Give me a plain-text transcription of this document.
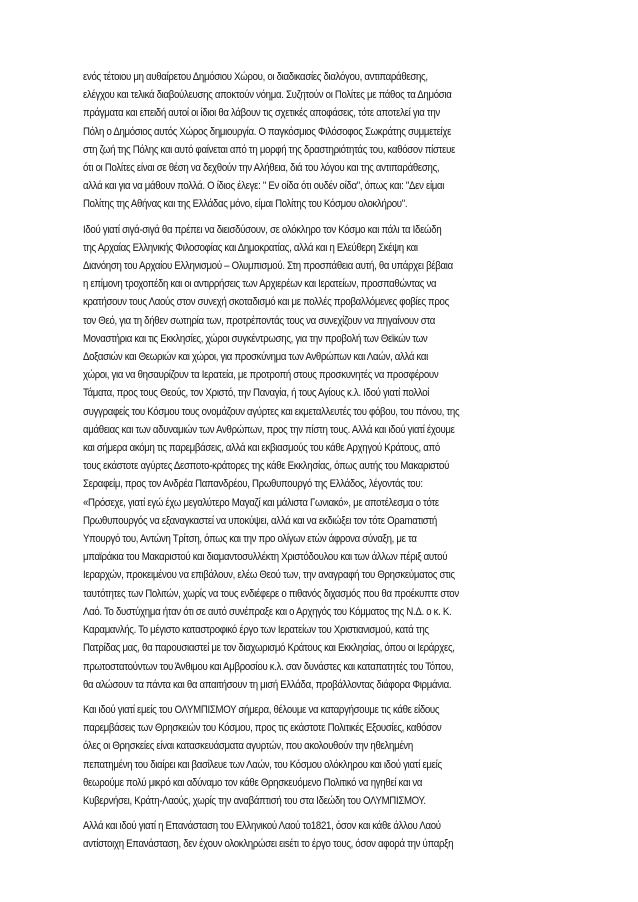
ενός τέτοιου μη αυθαίρετου Δημόσιου Χώρου, οι διαδικασίες διαλόγου, αντιπαράθεσης,
ελέγχου και τελικά διαβούλευσης αποκτούν νόημα. Συζητούν οι Πολίτες με πάθος τα Δημόσια
πράγματα και επειδή αυτοί οι ίδιοι θα λάβουν τις σχετικές αποφάσεις, τότε αποτελεί για την
Πόλη ο Δημόσιος αυτός Χώρος δημιουργία. Ο παγκόσμιος Φιλόσοφος Σωκράτης συμμετείχε
στη ζωή της Πόλης και αυτό φαίνεται από τη μορφή της δραστηριότητάς του, καθόσον πίστευε
ότι οι Πολίτες είναι σε θέση να δεχθούν την Αλήθεια, διά του λόγου και της αντιπαράθεσης,
αλλά και για να μάθουν πολλά. Ο ίδιος έλεγε: " Εν οίδα ότι ουδέν οίδα", όπως και: "Δεν είμαι
Πολίτης της Αθήνας και της Ελλάδας μόνο, είμαι Πολίτης του Κόσμου ολοκλήρου".
Ιδού γιατί σιγά-σιγά θα πρέπει να διεισδύσουν, σε ολόκληρο τον Κόσμο και πάλι τα Ιδεώδη
της Αρχαίας Ελληνικής Φιλοσοφίας και Δημοκρατίας, αλλά και η Ελεύθερη Σκέψη και
Διανόηση του Αρχαίου Ελληνισμού – Ολυμπισμού. Στη προσπάθεια αυτή, θα υπάρχει βέβαια
η επίμονη τροχοπέδη και οι αντιρρήσεις των Αρχιερέων και Ιερατείων, προσπαθώντας να
κρατήσουν τους Λαούς στον συνεχή σκοταδισμό και με πολλές προβαλλόμενες φοβίες προς
τον Θεό, για τη δήθεν σωτηρία των, προτρέποντάς τους να συνεχίζουν να πηγαίνουν στα
Μοναστήρια και τις Εκκλησίες, χώροι συγκέντρωσης, για την προβολή των Θεϊκών των
Δοξασιών και Θεωριών και χώροι, για προσκύνημα των Ανθρώπων και Λαών, αλλά και
χώροι, για να θησαυρίζουν τα Ιερατεία, με προτροπή στους προσκυνητές να προσφέρουν
Τάματα, προς τους Θεούς, τον Χριστό, την Παναγία, ή τους Αγίους κ.λ. Ιδού γιατί πολλοί
συγγραφείς του Κόσμου τους ονομάζουν αγύρτες και εκμεταλλευτές του φόβου, του πόνου, της
αμάθειας και των αδυναμιών των Ανθρώπων, προς την πίστη τους. Αλλά και ιδού γιατί έχουμε
και σήμερα ακόμη τις παρεμβάσεις, αλλά και εκβιασμούς του κάθε Αρχηγού Κράτους, από
τους εκάστοτε αγύρτες Δεσποτο-κράτορες της κάθε Εκκλησίας, όπως αυτής του Μακαριστού
Σεραφείμ, προς τον Ανδρέα Παπανδρέου, Πρωθυπουργό της Ελλάδος, λέγοντάς του:
«Πρόσεχε, γιατί εγώ έχω μεγαλύτερο Μαγαζί και μάλιστα Γωνιακό», με αποτέλεσμα ο τότε
Πρωθυπουργός να εξαναγκαστεί να υποκύψει, αλλά και να εκδιώξει τον τότε Ορamατιστή
Υπουργό του, Αντώνη Τρίτση, όπως και την προ ολίγων ετών άφρονα σύναξη, με τα
μπαϊράκια του Μακαριστού και διαμαντοσυλλέκτη Χριστόδουλου και των άλλων πέριξ αυτού
Ιεραρχών, προκειμένου να επιβάλουν, ελέω Θεού των, την αναγραφή του Θρησκεύματος στις
ταυτότητες των Πολιτών, χωρίς να τους ενδιέφερε ο πιθανός διχασμός που θα προέκυπτε στον
Λαό. Το δυστύχημα ήταν ότι σε αυτό συνέπραξε και ο Αρχηγός του Κόμματος της Ν.Δ. ο κ. Κ.
Καραμανλής. Το μέγιστο καταστροφικό έργο των Ιερατείων του Χριστιανισμού, κατά της
Πατρίδας μας, θα παρουσιαστεί με τον διαχωρισμό Κράτους και Εκκλησίας, όπου οι Ιεράρχες,
πρωτοστατούντων του Άνθιμου και Αμβροσίου κ.λ. σαν δυνάστες και καταπατητές του Τόπου,
θα αλώσουν τα πάντα και θα απαιτήσουν τη μισή Ελλάδα, προβάλλοντας διάφορα Φιρμάνια.
Και ιδού γιατί εμείς του ΟΛΥΜΠΙΣΜΟΥ σήμερα, θέλουμε να καταργήσουμε τις κάθε είδους
παρεμβάσεις των Θρησκειών του Κόσμου, προς τις εκάστοτε Πολιτικές Εξουσίες, καθόσον
όλες οι Θρησκείες είναι κατασκευάσματα αγυρτών, που ακολουθούν την ηθελημένη
πεπατημένη του διαίρει και βασίλευε των Λαών, του Κόσμου ολόκληρου και ιδού γιατί εμείς
θεωρούμε πολύ μικρό και αδύναμο τον κάθε Θρησκευόμενο Πολιτικό να ηγηθεί και να
Κυβερνήσει, Κράτη-Λαούς, χωρίς την αναβάπτισή του στα Ιδεώδη του ΟΛΥΜΠΙΣΜΟΥ.
Αλλά και ιδού γιατί η Επανάσταση του Ελληνικού Λαού το1821, όσον και κάθε άλλου Λαού
αντίστοιχη Επανάσταση, δεν έχουν ολοκληρώσει ειsέτι το έργο τους, όσον αφορά την ύπαρξη
